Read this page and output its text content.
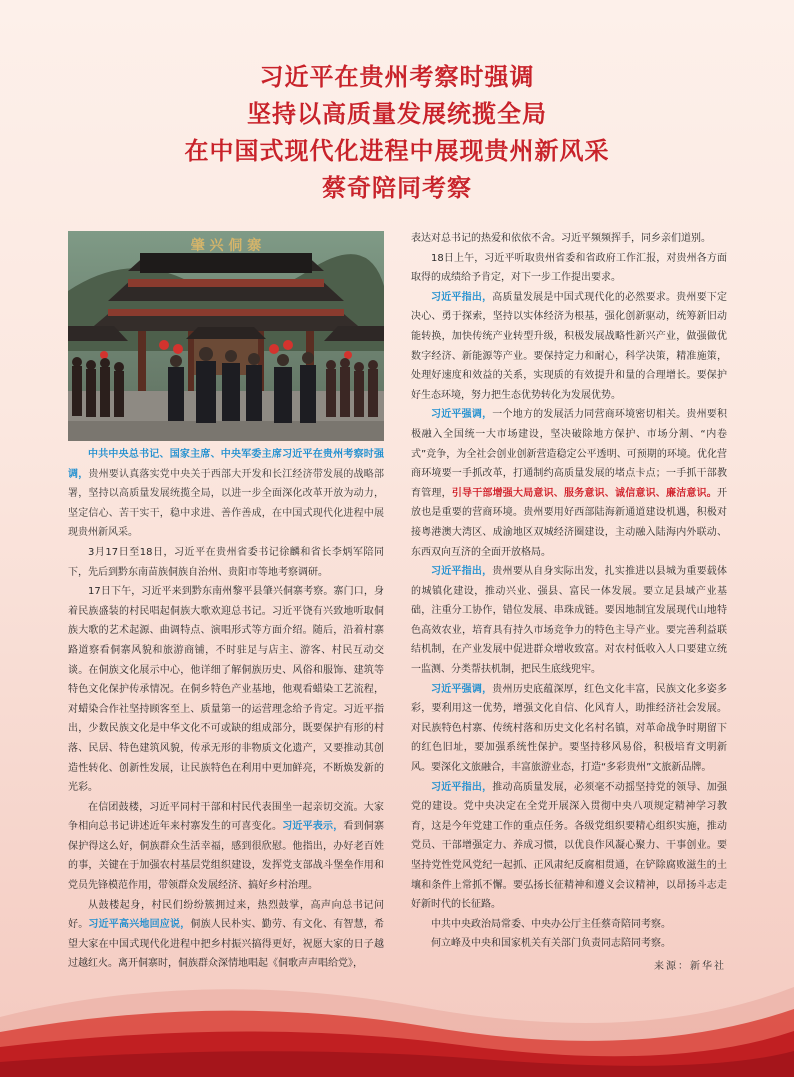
习近平在贵州考察时强调
坚持以高质量发展统揽全局
在中国式现代化进程中展现贵州新风采
蔡奇陪同考察
肇 兴 侗 寨

中共中央总书记、国家主席、中央军委主席习近平在贵州考察时强调，贵州要认真落实党中央关于西部大开发和长江经济带发展的战略部署，坚持以高质量发展统揽全局，以进一步全面深化改革开放为动力，坚定信心、苦干实干，稳中求进、善作善成，在中国式现代化进程中展现贵州新风采。

3月17日至18日，习近平在贵州省委书记徐麟和省长李炳军陪同下，先后到黔东南苗族侗族自治州、贵阳市等地考察调研。

17日下午，习近平来到黔东南州黎平县肇兴侗寨考察。寨门口，身着民族盛装的村民唱起侗族大歌欢迎总书记。习近平饶有兴致地听取侗族大歌的艺术起源、曲调特点、演唱形式等方面介绍。随后，沿着村寨路道察看侗寨风貌和旅游商铺，不时驻足与店主、游客、村民互动交谈。在侗族文化展示中心，他详细了解侗族历史、风俗和服饰、建筑等特色文化保护传承情况。在侗乡特色产业基地，他观看蜡染工艺流程，对蜡染合作社坚持顾客至上、质量第一的运营理念给予肯定。习近平指出，少数民族文化是中华文化不可或缺的组成部分，既要保护有形的村落、民居、特色建筑风貌，传承无形的非物质文化遗产，又要推动其创造性转化、创新性发展，让民族特色在利用中更加鲜亮，不断焕发新的光彩。

在信团鼓楼，习近平同村干部和村民代表围坐一起亲切交流。大家争相向总书记讲述近年来村寨发生的可喜变化。习近平表示，看到侗寨保护得这么好，侗族群众生活幸福，感到很欣慰。他指出，办好老百姓的事，关键在于加强农村基层党组织建设，发挥党支部战斗堡垒作用和党员先锋模范作用，带领群众发展经济、搞好乡村治理。

从鼓楼起身，村民们纷纷簇拥过来，热烈鼓掌，高声向总书记问好。习近平高兴地回应说，侗族人民朴实、勤劳、有文化、有智慧，希望大家在中国式现代化进程中把乡村振兴搞得更好，祝愿大家的日子越过越红火。离开侗寨时，侗族群众深情地唱起《侗歌声声唱给党》，

表达对总书记的热爱和依依不舍。习近平频频挥手，同乡亲们道别。

18日上午，习近平听取贵州省委和省政府工作汇报，对贵州各方面取得的成绩给予肯定，对下一步工作提出要求。

习近平指出，高质量发展是中国式现代化的必然要求。贵州要下定决心、勇于探索，坚持以实体经济为根基，强化创新驱动，统筹新旧动能转换，加快传统产业转型升级，积极发展战略性新兴产业，做强做优数字经济、新能源等产业。要保持定力和耐心，科学决策，精准施策，处理好速度和效益的关系，实现质的有效提升和量的合理增长。要保护好生态环境，努力把生态优势转化为发展优势。

习近平强调，一个地方的发展活力同营商环境密切相关。贵州要积极融入全国统一大市场建设，坚决破除地方保护、市场分割、“内卷式”竞争，为全社会创业创新营造稳定公平透明、可预期的环境。优化营商环境要一手抓改革，打通制约高质量发展的堵点卡点；一手抓干部教育管理，引导干部增强大局意识、服务意识、诚信意识、廉洁意识。开放也是重要的营商环境。贵州要用好西部陆海新通道建设机遇，积极对接粤港澳大湾区、成渝地区双城经济圈建设，主动融入陆海内外联动、东西双向互济的全面开放格局。

习近平指出，贵州要从自身实际出发，扎实推进以县城为重要载体的城镇化建设，推动兴业、强县、富民一体发展。要立足县域产业基础，注重分工协作，错位发展、串珠成链。要因地制宜发展现代山地特色高效农业，培育具有持久市场竞争力的特色主导产业。要完善利益联结机制，在产业发展中促进群众增收致富。对农村低收入人口要建立统一监测、分类帮扶机制，把民生底线兜牢。

习近平强调，贵州历史底蕴深厚，红色文化丰富，民族文化多姿多彩，要利用这一优势，增强文化自信、化风育人，助推经济社会发展。对民族特色村寨、传统村落和历史文化名村名镇，对革命战争时期留下的红色旧址，要加强系统性保护。要坚持移风易俗，积极培育文明新风。要深化文旅融合，丰富旅游业态，打造“多彩贵州”文旅新品牌。

习近平指出，推动高质量发展，必须毫不动摇坚持党的领导、加强党的建设。党中央决定在全党开展深入贯彻中央八项规定精神学习教育，这是今年党建工作的重点任务。各级党组织要精心组织实施，推动党员、干部增强定力、养成习惯，以优良作风凝心聚力、干事创业。要坚持党性党风党纪一起抓、正风肃纪反腐相贯通，在铲除腐败滋生的土壤和条件上常抓不懈。要弘扬长征精神和遵义会议精神，以昂扬斗志走好新时代的长征路。

中共中央政治局常委、中央办公厅主任蔡奇陪同考察。

何立峰及中央和国家机关有关部门负责同志陪同考察。

来源：新华社
